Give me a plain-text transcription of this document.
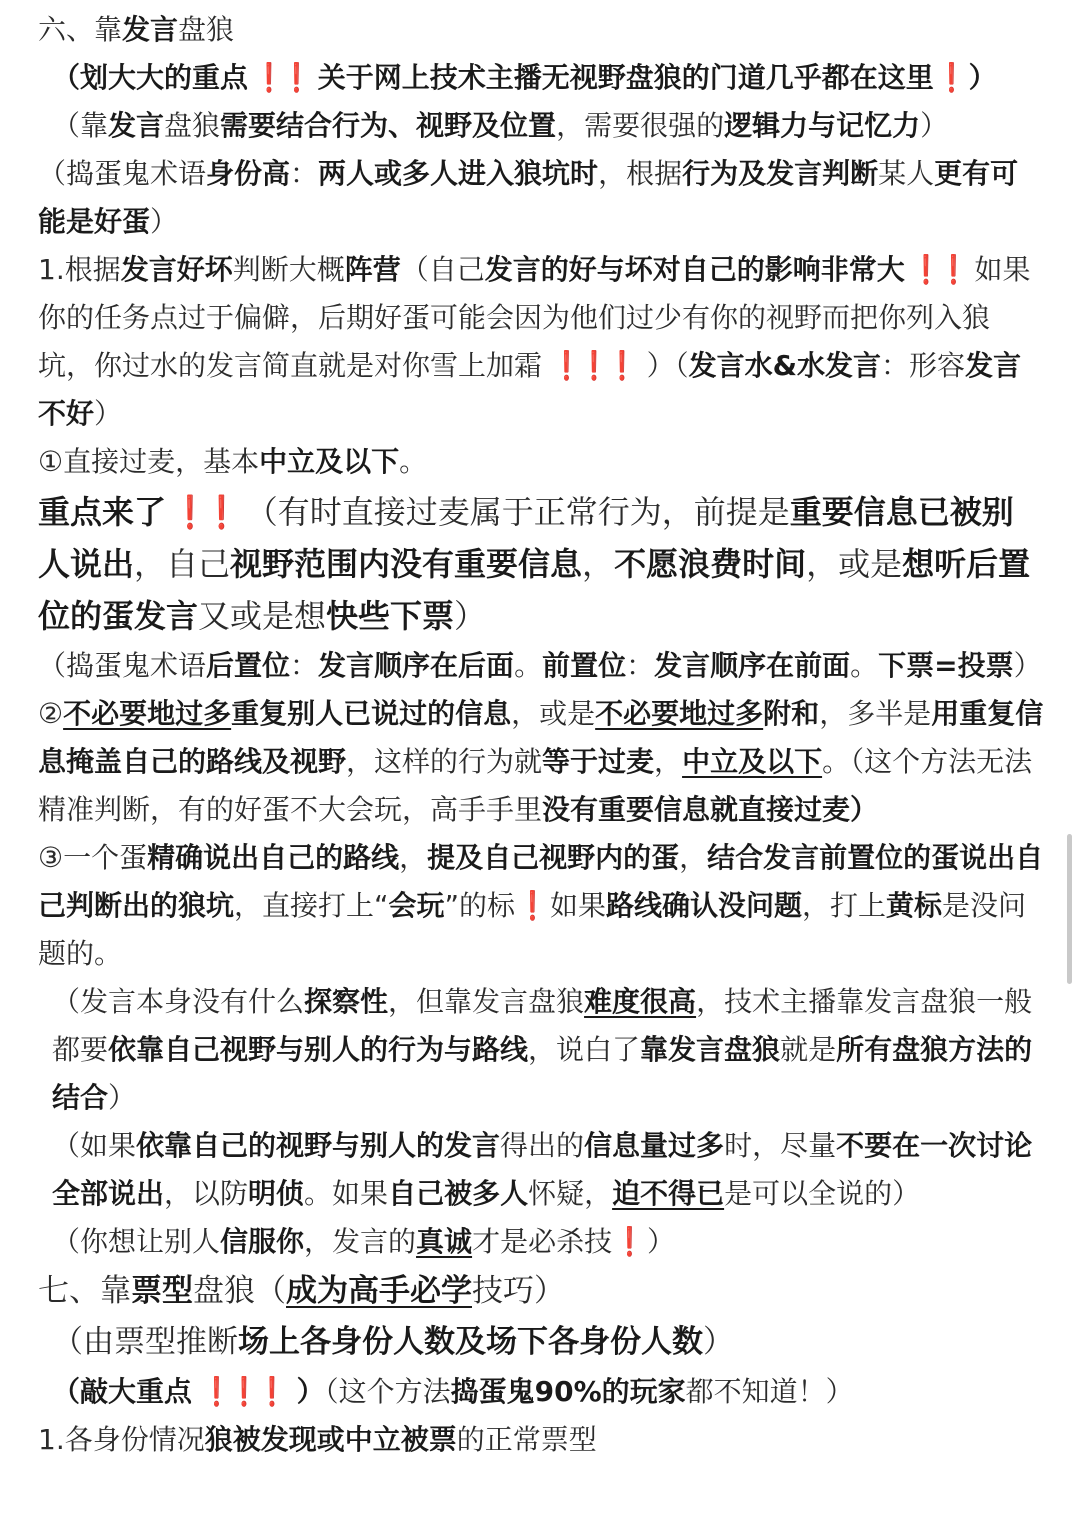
六、靠发言盘狼

（划大大的重点 ❗❗ 关于网上技术主播无视野盘狼的门道几乎都在这里 ❗ ）

（靠发言盘狼需要结合行为、视野及位置，需要很强的逻辑力与记忆力）

（捣蛋鬼术语身份高：两人或多人进入狼坑时，根据行为及发言判断某人更有可能是好蛋）

1.根据发言好坏判断大概阵营（自己发言的好与坏对自己的影响非常大 ❗❗ 如果你的任务点过于偏僻，后期好蛋可能会因为他们过少有你的视野而把你列入狼坑，你过水的发言简直就是对你雪上加霜 ❗❗❗ ）（发言水&水发言：形容发言不好）

①直接过麦，基本中立及以下。

重点来了 ❗❗ （有时直接过麦属于正常行为，前提是重要信息已被别人说出，自己视野范围内没有重要信息，不愿浪费时间，或是想听后置位的蛋发言又或是想快些下票）

（捣蛋鬼术语后置位：发言顺序在后面。前置位：发言顺序在前面。下票=投票）

②不必要地过多重复别人已说过的信息，或是不必要地过多附和，多半是用重复信息掩盖自己的路线及视野，这样的行为就等于过麦，中立及以下。（这个方法无法精准判断，有的好蛋不大会玩，高手手里没有重要信息就直接过麦）

③一个蛋精确说出自己的路线，提及自己视野内的蛋，结合发言前置位的蛋说出自己判断出的狼坑，直接打上“会玩”的标 ❗ 如果路线确认没问题，打上黄标是没问题的。

（发言本身没有什么探察性，但靠发言盘狼难度很高，技术主播靠发言盘狼一般都要依靠自己视野与别人的行为与路线，说白了靠发言盘狼就是所有盘狼方法的结合）

（如果依靠自己的视野与别人的发言得出的信息量过多时，尽量不要在一次讨论全部说出，以防明侦。如果自己被多人怀疑，迫不得已是可以全说的）

（你想让别人信服你，发言的真诚才是必杀技 ❗ ）

七、靠票型盘狼（成为高手必学技巧）

（由票型推断场上各身份人数及场下各身份人数）

（敲大重点 ❗❗❗ ）（这个方法捣蛋鬼90%的玩家都不知道！）

1.各身份情况狼被发现或中立被票的正常票型
